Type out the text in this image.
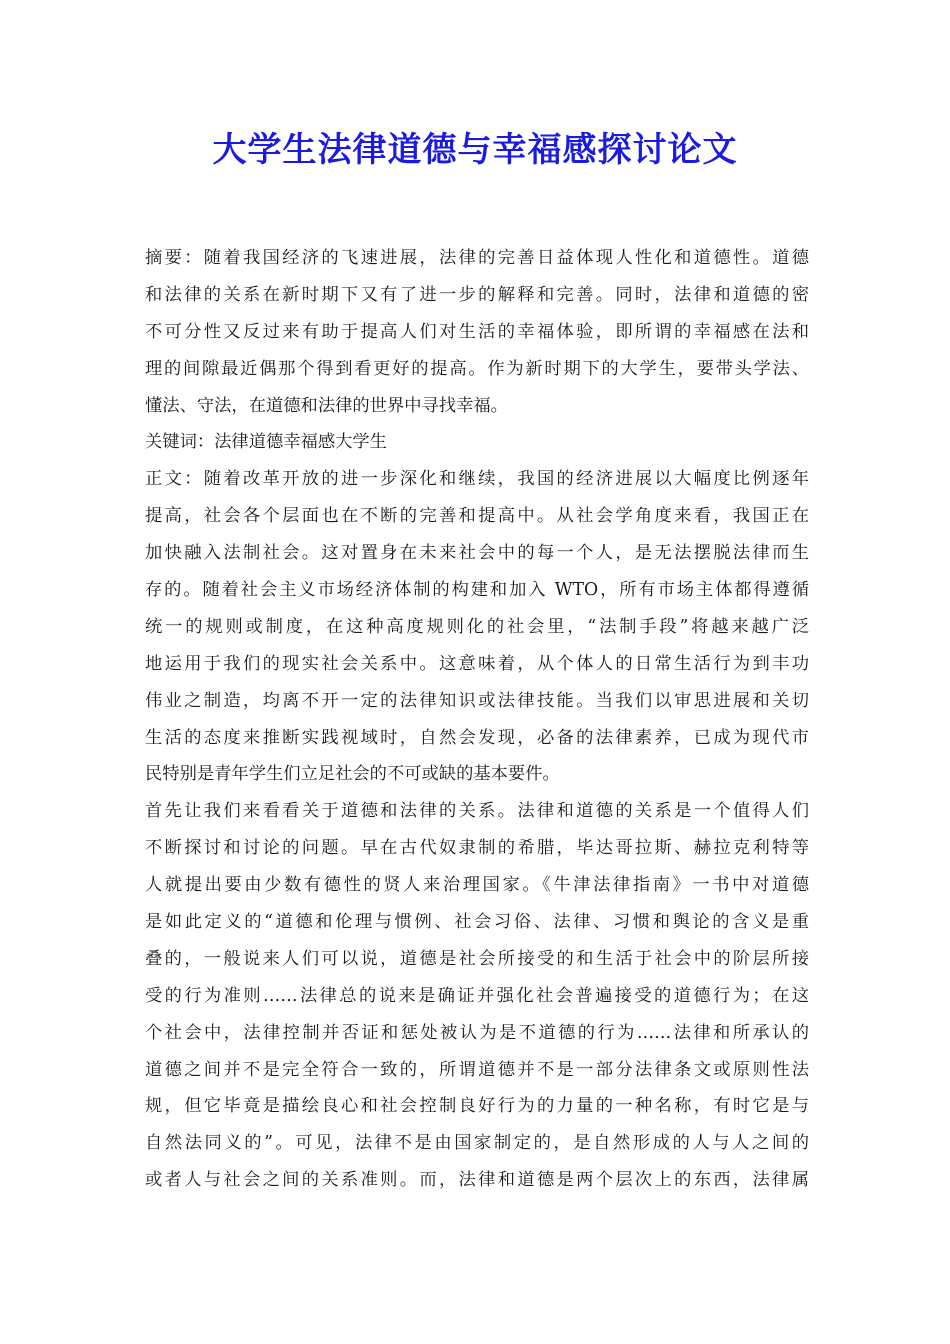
大学生法律道德与幸福感探讨论文
摘要：随着我国经济的飞速进展，法律的完善日益体现人性化和道德性。道德
和法律的关系在新时期下又有了进一步的解释和完善。同时，法律和道德的密
不可分性又反过来有助于提高人们对生活的幸福体验，即所谓的幸福感在法和
理的间隙最近偶那个得到看更好的提高。作为新时期下的大学生，要带头学法、
懂法、守法，在道德和法律的世界中寻找幸福。
关键词：法律道德幸福感大学生
正文：随着改革开放的进一步深化和继续，我国的经济进展以大幅度比例逐年
提高，社会各个层面也在不断的完善和提高中。从社会学角度来看，我国正在
加快融入法制社会。这对置身在未来社会中的每一个人，是无法摆脱法律而生
存的。随着社会主义市场经济体制的构建和加入 WTO，所有市场主体都得遵循
统一的规则或制度，在这种高度规则化的社会里，“法制手段”将越来越广泛
地运用于我们的现实社会关系中。这意味着，从个体人的日常生活行为到丰功
伟业之制造，均离不开一定的法律知识或法律技能。当我们以审思进展和关切
生活的态度来推断实践视域时，自然会发现，必备的法律素养，已成为现代市
民特别是青年学生们立足社会的不可或缺的基本要件。
首先让我们来看看关于道德和法律的关系。法律和道德的关系是一个值得人们
不断探讨和讨论的问题。早在古代奴隶制的希腊，毕达哥拉斯、赫拉克利特等
人就提出要由少数有德性的贤人来治理国家。《牛津法律指南》一书中对道德
是如此定义的“道德和伦理与惯例、社会习俗、法律、习惯和舆论的含义是重
叠的，一般说来人们可以说，道德是社会所接受的和生活于社会中的阶层所接
受的行为准则……法律总的说来是确证并强化社会普遍接受的道德行为；在这
个社会中，法律控制并否证和惩处被认为是不道德的行为……法律和所承认的
道德之间并不是完全符合一致的，所谓道德并不是一部分法律条文或原则性法
规，但它毕竟是描绘良心和社会控制良好行为的力量的一种名称，有时它是与
自然法同义的”。可见，法律不是由国家制定的，是自然形成的人与人之间的
或者人与社会之间的关系准则。而，法律和道德是两个层次上的东西，法律属
